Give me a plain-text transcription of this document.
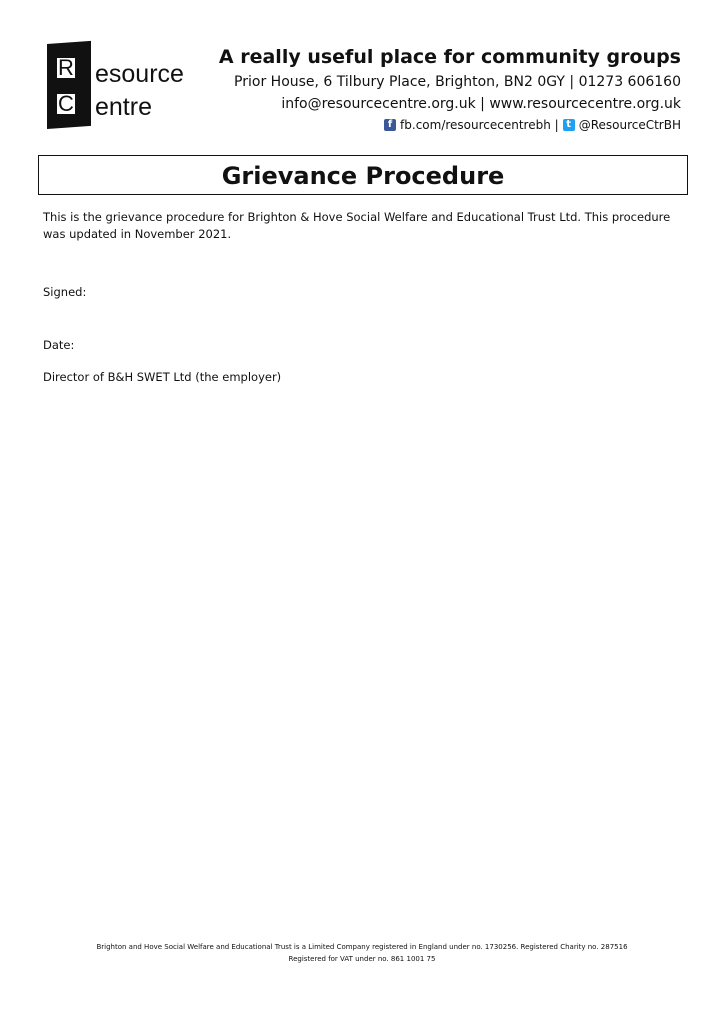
R
C
esource
entre
A really useful place for community groups
Prior House, 6 Tilbury Place, Brighton, BN2 0GY | 01273 606160
info@resourcecentre.org.uk | www.resourcecentre.org.uk
f fb.com/resourcecentrebh | t @ResourceCtrBH
Grievance Procedure
This is the grievance procedure for Brighton & Hove Social Welfare and Educational Trust Ltd. This procedure was updated in November 2021.
Signed:
Date:
Director of B&H SWET Ltd (the employer)
Brighton and Hove Social Welfare and Educational Trust is a Limited Company registered in England under no. 1730256. Registered Charity no. 287516
Registered for VAT under no. 861 1001 75
